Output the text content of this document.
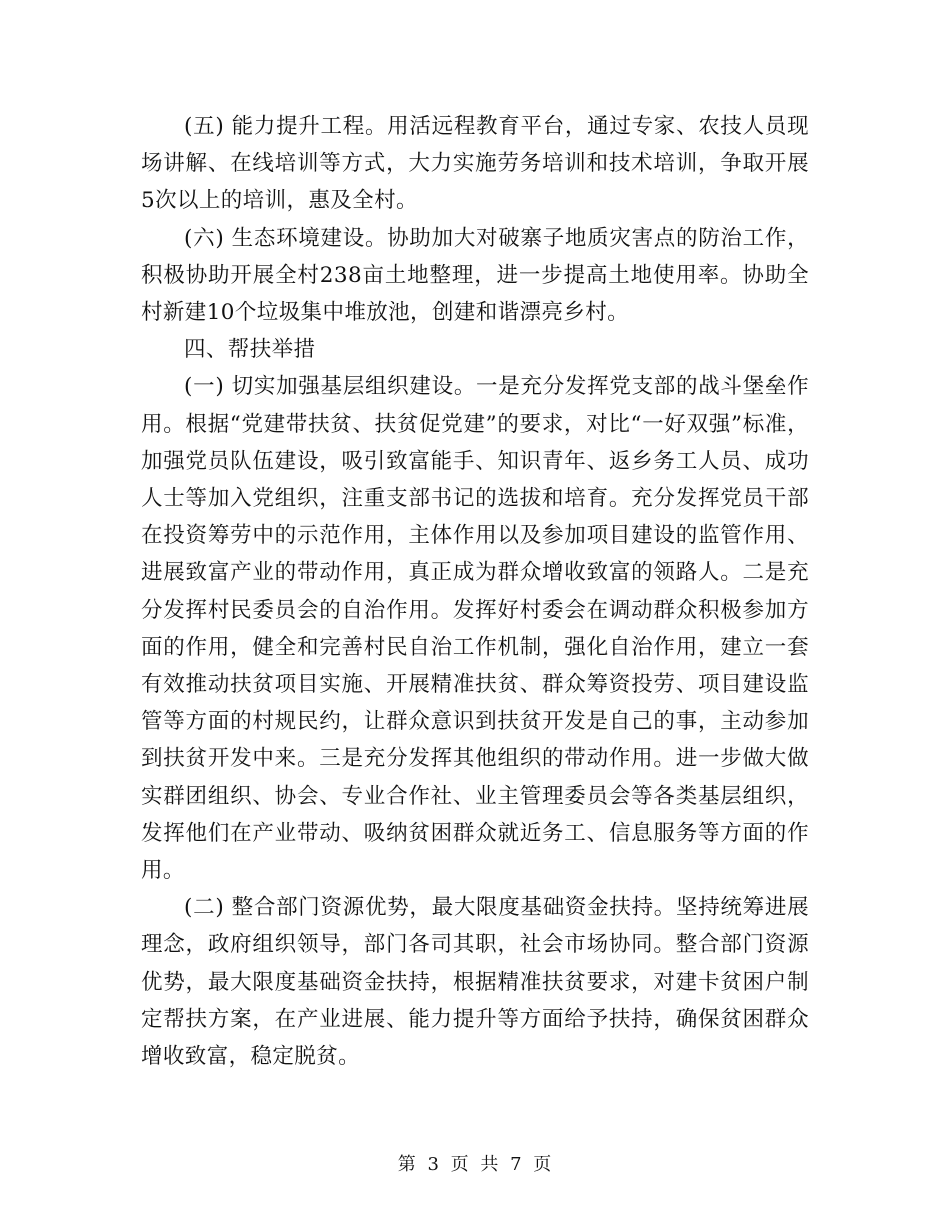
(五) 能力提升工程。用活远程教育平台，通过专家、农技人员现场讲解、在线培训等方式，大力实施劳务培训和技术培训，争取开展5次以上的培训，惠及全村。

(六) 生态环境建设。协助加大对破寨子地质灾害点的防治工作，积极协助开展全村238亩土地整理，进一步提高土地使用率。协助全村新建10个垃圾集中堆放池，创建和谐漂亮乡村。

四、帮扶举措

(一) 切实加强基层组织建设。一是充分发挥党支部的战斗堡垒作用。根据“党建带扶贫、扶贫促党建”的要求，对比“一好双强”标准，加强党员队伍建设，吸引致富能手、知识青年、返乡务工人员、成功人士等加入党组织，注重支部书记的选拔和培育。充分发挥党员干部在投资筹劳中的示范作用，主体作用以及参加项目建设的监管作用、进展致富产业的带动作用，真正成为群众增收致富的领路人。二是充分发挥村民委员会的自治作用。发挥好村委会在调动群众积极参加方面的作用，健全和完善村民自治工作机制，强化自治作用，建立一套有效推动扶贫项目实施、开展精准扶贫、群众筹资投劳、项目建设监管等方面的村规民约，让群众意识到扶贫开发是自己的事，主动参加到扶贫开发中来。三是充分发挥其他组织的带动作用。进一步做大做实群团组织、协会、专业合作社、业主管理委员会等各类基层组织，发挥他们在产业带动、吸纳贫困群众就近务工、信息服务等方面的作用。

(二) 整合部门资源优势，最大限度基础资金扶持。坚持统筹进展理念，政府组织领导，部门各司其职，社会市场协同。整合部门资源优势，最大限度基础资金扶持，根据精准扶贫要求，对建卡贫困户制定帮扶方案，在产业进展、能力提升等方面给予扶持，确保贫困群众增收致富，稳定脱贫。

第 3 页 共 7 页
